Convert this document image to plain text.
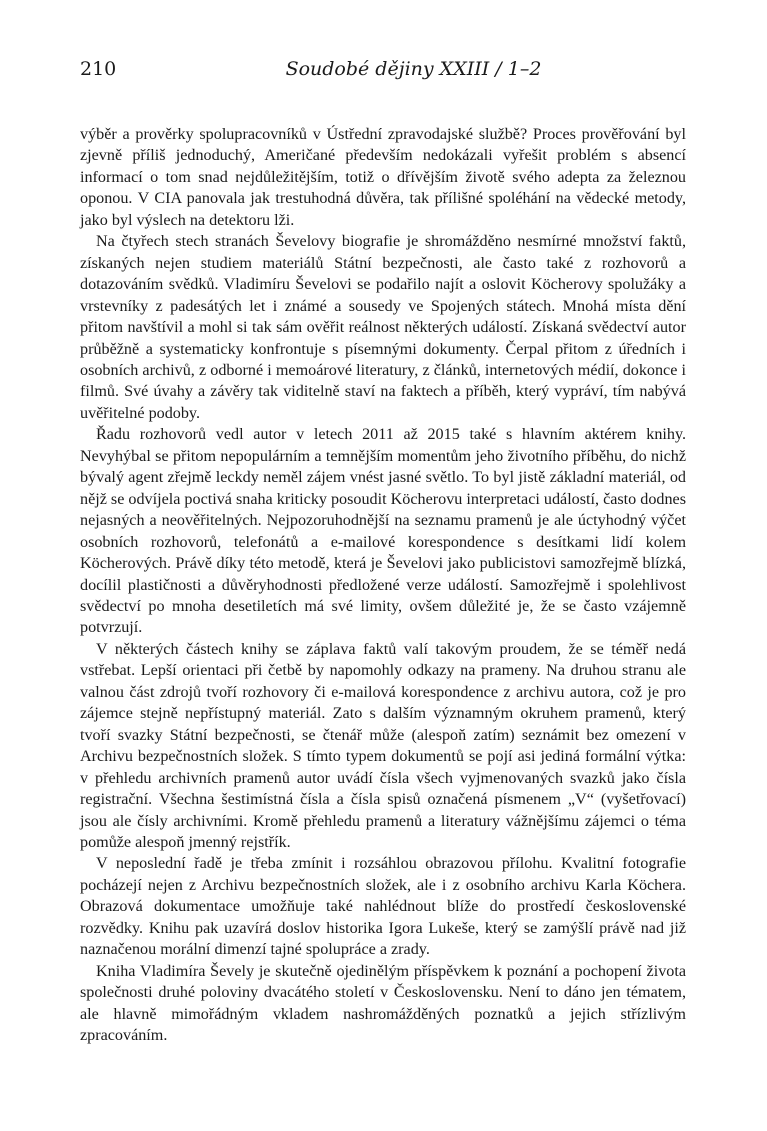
210	Soudobé dějiny XXIII / 1–2

výběr a prověrky spolupracovníků v Ústřední zpravodajské službě? Proces prověřování byl zjevně příliš jednoduchý, Američané především nedokázali vyřešit problém s absencí informací o tom snad nejdůležitějším, totiž o dřívějším životě svého adepta za železnou oponou. V CIA panovala jak trestuhodná důvěra, tak přílišné spoléhání na vědecké metody, jako byl výslech na detektoru lži.

Na čtyřech stech stranách Ševelovy biografie je shromážděno nesmírné množství faktů, získaných nejen studiem materiálů Státní bezpečnosti, ale často také z rozhovorů a dotazováním svědků. Vladimíru Ševelovi se podařilo najít a oslovit Köcherovy spolužáky a vrstevníky z padesátých let i známé a sousedy ve Spojených státech. Mnohá místa dění přitom navštívil a mohl si tak sám ověřit reálnost některých událostí. Získaná svědectví autor průběžně a systematicky konfrontuje s písemnými dokumenty. Čerpal přitom z úředních i osobních archivů, z odborné i memoárové literatury, z článků, internetových médií, dokonce i filmů. Své úvahy a závěry tak viditelně staví na faktech a příběh, který vypráví, tím nabývá uvěřitelné podoby.

Řadu rozhovorů vedl autor v letech 2011 až 2015 také s hlavním aktérem knihy. Nevyhýbal se přitom nepopulárním a temnějším momentům jeho životního příběhu, do nichž bývalý agent zřejmě leckdy neměl zájem vnést jasné světlo. To byl jistě základní materiál, od nějž se odvíjela poctivá snaha kriticky posoudit Köcherovu interpretaci událostí, často dodnes nejasných a neověřitelných. Nejpozoruhodnější na seznamu pramenů je ale úctyhodný výčet osobních rozhovorů, telefonátů a e-mailové korespondence s desítkami lidí kolem Köcherových. Právě díky této metodě, která je Ševelovi jako publicistovi samozřejmě blízká, docílil plastičnosti a důvěryhodnosti předložené verze událostí. Samozřejmě i spolehlivost svědectví po mnoha desetiletích má své limity, ovšem důležité je, že se často vzájemně potvrzují.

V některých částech knihy se záplava faktů valí takovým proudem, že se téměř nedá vstřebat. Lepší orientaci při četbě by napomohly odkazy na prameny. Na druhou stranu ale valnou část zdrojů tvoří rozhovory či e-mailová korespondence z archivu autora, což je pro zájemce stejně nepřístupný materiál. Zato s dalším významným okruhem pramenů, který tvoří svazky Státní bezpečnosti, se čtenář může (alespoň zatím) seznámit bez omezení v Archivu bezpečnostních složek. S tímto typem dokumentů se pojí asi jediná formální výtka: v přehledu archivních pramenů autor uvádí čísla všech vyjmenovaných svazků jako čísla registrační. Všechna šestimístná čísla a čísla spisů označená písmenem „V“ (vyšetřovací) jsou ale čísly archivními. Kromě přehledu pramenů a literatury vážnějšímu zájemci o téma pomůže alespoň jmenný rejstřík.

V neposlední řadě je třeba zmínit i rozsáhlou obrazovou přílohu. Kvalitní fotografie pocházejí nejen z Archivu bezpečnostních složek, ale i z osobního archivu Karla Köchera. Obrazová dokumentace umožňuje také nahlédnout blíže do prostředí československé rozvědky. Knihu pak uzavírá doslov historika Igora Lukeše, který se zamýšlí právě nad již naznačenou morální dimenzí tajné spolupráce a zrady.

Kniha Vladimíra Ševely je skutečně ojedinělým příspěvkem k poznání a pochopení života společnosti druhé poloviny dvacátého století v Československu. Není to dáno jen tématem, ale hlavně mimořádným vkladem nashromážděných poznatků a jejich střízlivým zpracováním.
